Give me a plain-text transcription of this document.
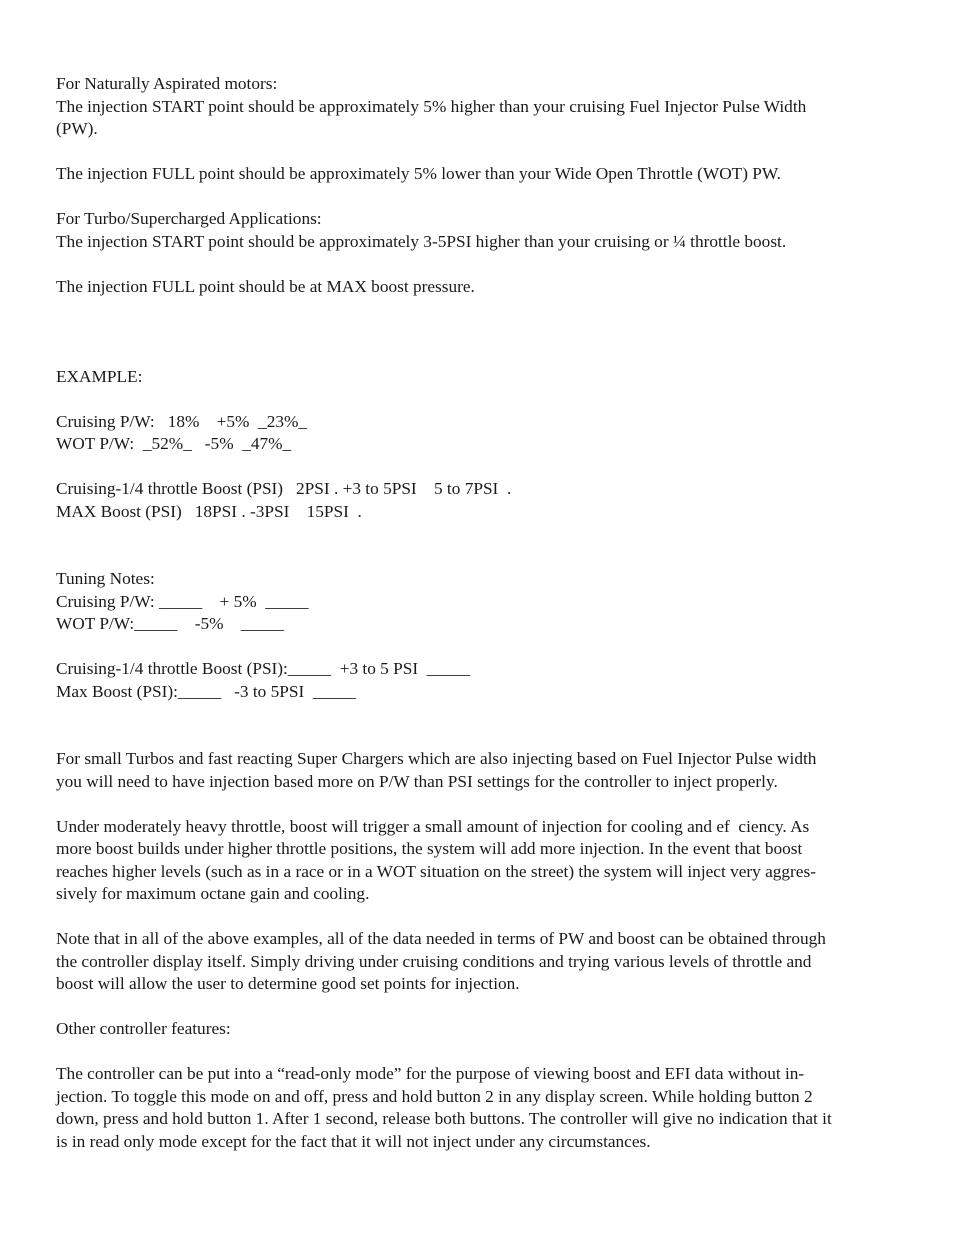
For Naturally Aspirated motors:
The injection START point should be approximately 5% higher than your cruising Fuel Injector Pulse Width
(PW).
The injection FULL point should be approximately 5% lower than your Wide Open Throttle (WOT) PW.
For Turbo/Supercharged Applications:
The injection START point should be approximately 3-5PSI higher than your cruising or ¼ throttle boost.
The injection FULL point should be at MAX boost pressure.
EXAMPLE:
Cruising P/W:   18%    +5%  _23%_
WOT P/W:  _52%_   -5%  _47%_
Cruising-1/4 throttle Boost (PSI)   2PSI . +3 to 5PSI    5 to 7PSI  .
MAX Boost (PSI)   18PSI . -3PSI    15PSI  .
Tuning Notes:
Cruising P/W: _____    + 5%  _____
WOT P/W:_____    -5%    _____
Cruising-1/4 throttle Boost (PSI):_____  +3 to 5 PSI  _____
Max Boost (PSI):_____   -3 to 5PSI  _____
For small Turbos and fast reacting Super Chargers which are also injecting based on Fuel Injector Pulse width
you will need to have injection based more on P/W than PSI settings for the controller to inject properly.
Under moderately heavy throttle, boost will trigger a small amount of injection for cooling and ef  ciency. As
more boost builds under higher throttle positions, the system will add more injection. In the event that boost
reaches higher levels (such as in a race or in a WOT situation on the street) the system will inject very aggres-
sively for maximum octane gain and cooling.
Note that in all of the above examples, all of the data needed in terms of PW and boost can be obtained through
the controller display itself. Simply driving under cruising conditions and trying various levels of throttle and
boost will allow the user to determine good set points for injection.
Other controller features:
The controller can be put into a “read-only mode” for the purpose of viewing boost and EFI data without in-
jection. To toggle this mode on and off, press and hold button 2 in any display screen. While holding button 2
down, press and hold button 1. After 1 second, release both buttons. The controller will give no indication that it
is in read only mode except for the fact that it will not inject under any circumstances.
